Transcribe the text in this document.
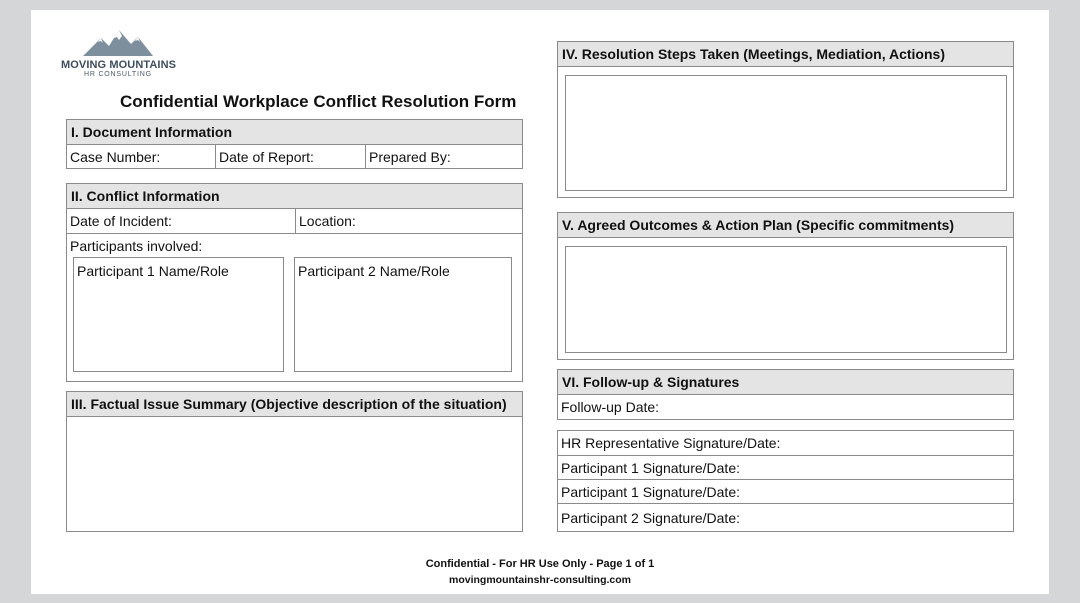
MOVING MOUNTAINS
HR CONSULTING
Confidential Workplace Conflict Resolution Form
I. Document Information
Case Number:	Date of Report:	Prepared By:
II. Conflict Information
Date of Incident:	Location:
Participants involved:
Participant 1 Name/Role	Participant 2 Name/Role
III. Factual Issue Summary (Objective description of the situation)
IV. Resolution Steps Taken (Meetings, Mediation, Actions)
V. Agreed Outcomes & Action Plan (Specific commitments)
VI. Follow-up & Signatures
Follow-up Date:
HR Representative Signature/Date:
Participant 1 Signature/Date:
Participant 1 Signature/Date:
Participant 2 Signature/Date:
Confidential - For HR Use Only - Page 1 of 1
movingmountainshr-consulting.com
